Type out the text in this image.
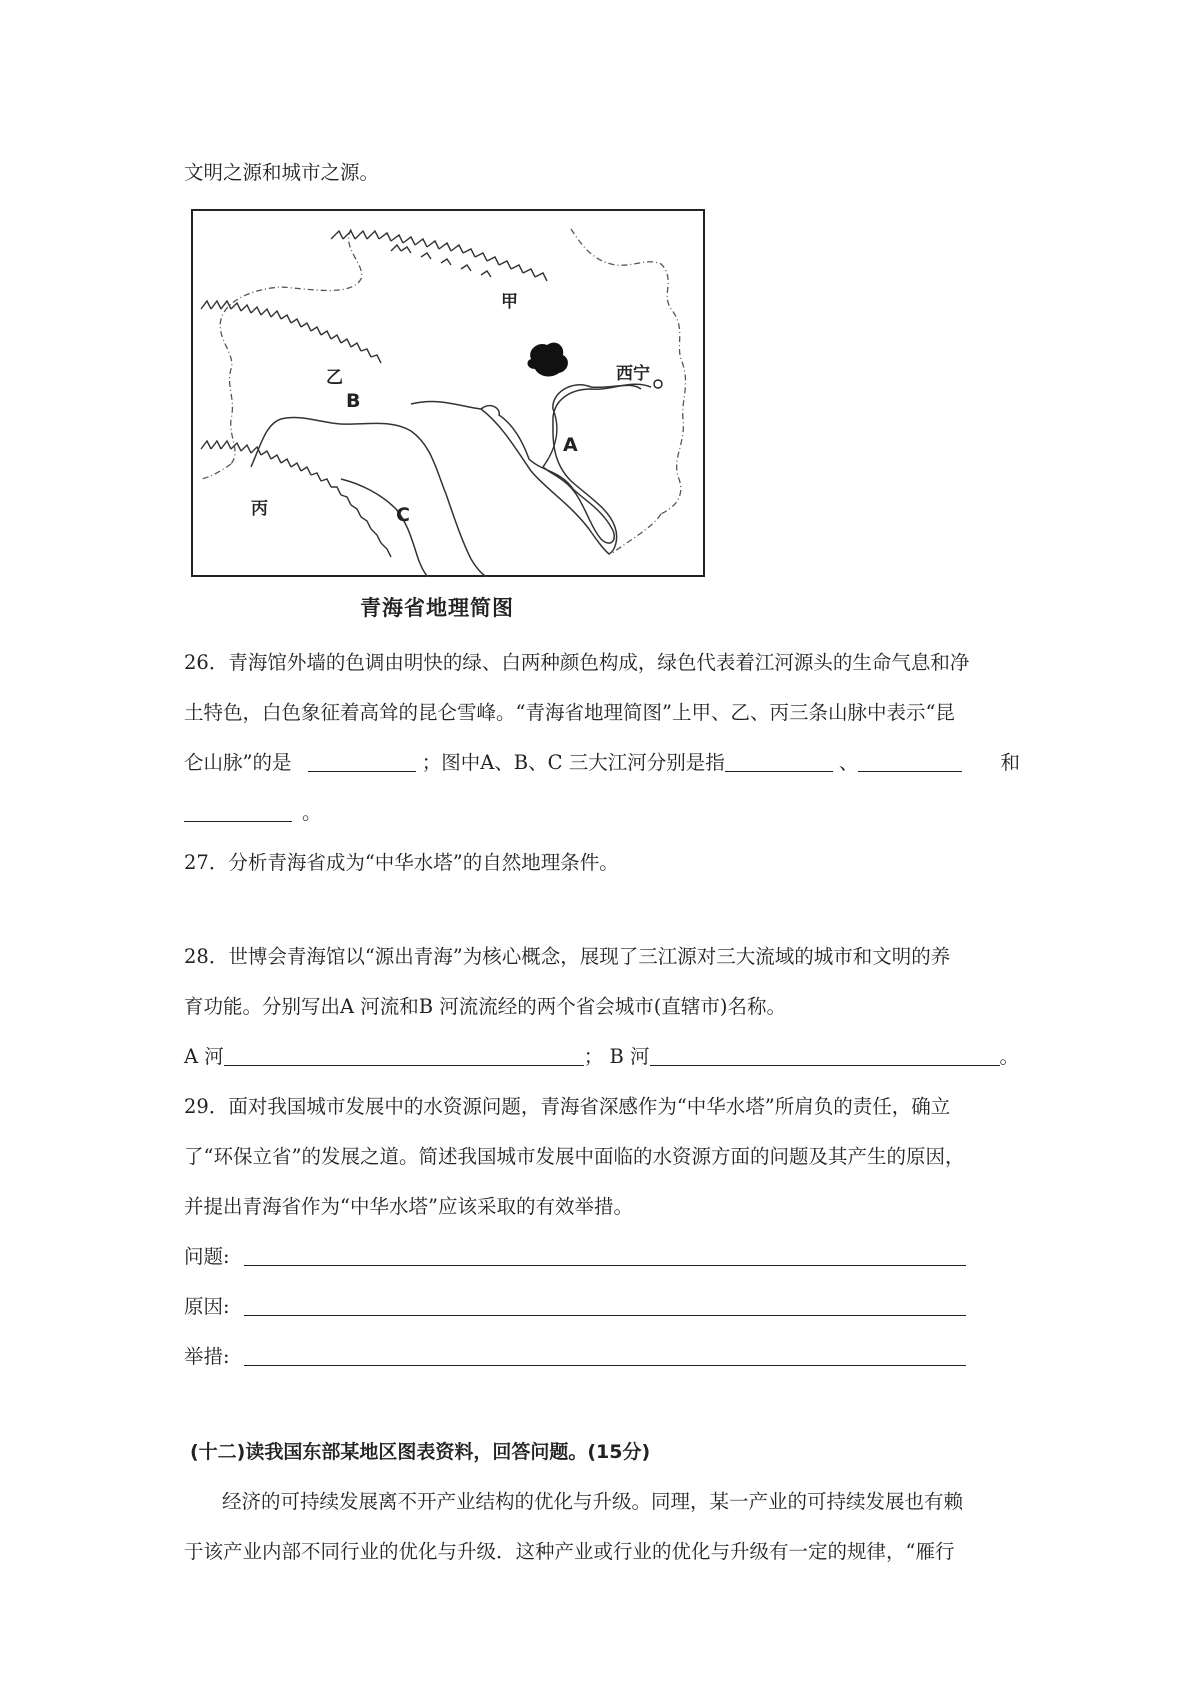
文明之源和城市之源。
甲
乙
B
A
丙	C
西宁
青海省地理简图
26．青海馆外墙的色调由明快的绿、白两种颜色构成，绿色代表着江河源头的生命气息和净
土特色，白色象征着高耸的昆仑雪峰。“青海省地理简图”上甲、乙、丙三条山脉中表示“昆
仑山脉”的是	；图中A、B、C 三大江河分别是指	、	和
。
27．分析青海省成为“中华水塔”的自然地理条件。
28．世博会青海馆以“源出青海”为核心概念，展现了三江源对三大流域的城市和文明的养
育功能。分别写出A 河流和B 河流流经的两个省会城市(直辖市)名称。
A 河	； B 河	。
29．面对我国城市发展中的水资源问题，青海省深感作为“中华水塔”所肩负的责任，确立
了“环保立省”的发展之道。简述我国城市发展中面临的水资源方面的问题及其产生的原因，
并提出青海省作为“中华水塔”应该采取的有效举措。
问题:
原因:
举措:
(十二)读我国东部某地区图表资料，回答问题。(15分)
经济的可持续发展离不开产业结构的优化与升级。同理，某一产业的可持续发展也有赖
于该产业内部不同行业的优化与升级．这种产业或行业的优化与升级有一定的规律，“雁行
